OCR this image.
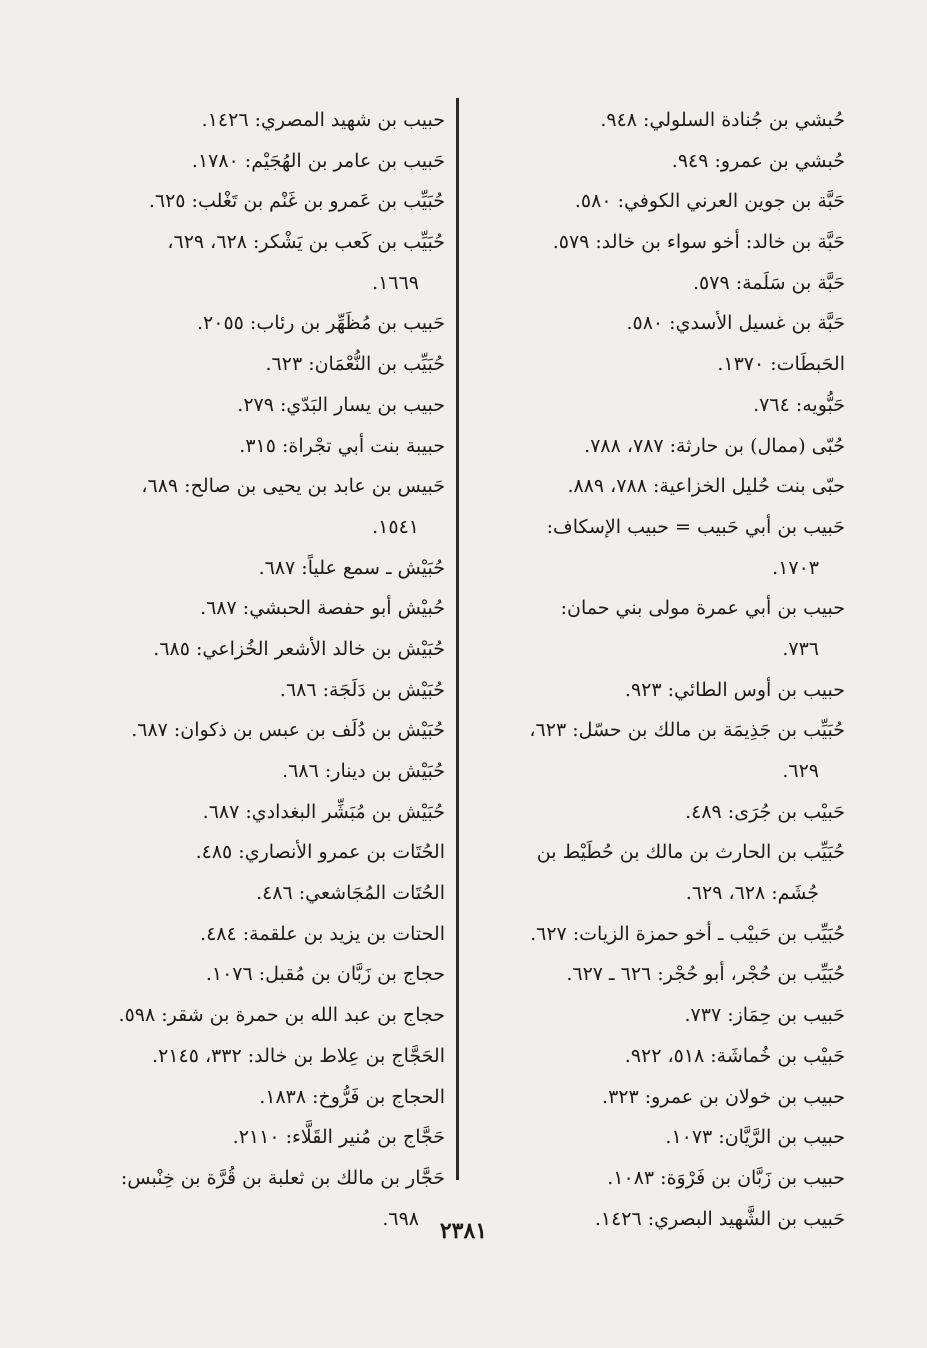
حُبشي بن جُنادة السلولي: ٩٤٨.
حُبشي بن عمرو: ٩٤٩.
حَبَّة بن جوين العرني الكوفي: ٥٨٠.
حَبَّة بن خالد: أخو سواء بن خالد: ٥٧٩.
حَبَّة بن سَلَمة: ٥٧٩.
حَبَّة بن غسيل الأسدي: ٥٨٠.
الحَبطَات: ١٣٧٠.
حَبُّويه: ٧٦٤.
حُبّى (ممال) بن حارثة: ٧٨٧، ٧٨٨.
حبّى بنت حُليل الخزاعية: ٧٨٨، ٨٨٩.
حَبيب بن أبي حَبيب = حبيب الإسكاف:
١٧٠٣.
حبيب بن أبي عمرة مولى بني حمان:
٧٣٦.
حبيب بن أوس الطائي: ٩٢٣.
حُبَيِّب بن جَذِيمَة بن مالك بن حسّل: ٦٢٣،
٦٢٩.
حَبيْب بن جُرَى: ٤٨٩.
حُبَيِّب بن الحارث بن مالك بن حُطَيْط بن
جُشَم: ٦٢٨، ٦٢٩.
حُبَيِّب بن حَبيْب ـ أخو حمزة الزيات: ٦٢٧.
حُبَيِّب بن حُجْر، أبو حُجْر: ٦٢٦ ـ ٦٢٧.
حَبيب بن حِمَاز: ٧٣٧.
حَبيْب بن خُماشَة: ٥١٨، ٩٢٢.
حبيب بن خولان بن عمرو: ٣٢٣.
حبيب بن الرَّيَّان: ١٠٧٣.
حبيب بن زَبَّان بن فَرْوَة: ١٠٨٣.
حَبيب بن الشَّهيد البصري: ١٤٢٦.
حبيب بن شهيد المصري: ١٤٢٦.
حَبيب بن عامر بن الهُجَيْم: ١٧٨٠.
حُبَيِّب بن عَمرو بن غَنْم بن تَغْلب: ٦٢٥.
حُبَيِّب بن كَعب بن يَشْكر: ٦٢٨، ٦٢٩،
١٦٦٩.
حَبيب بن مُظَهِّر بن رئاب: ٢٠٥٥.
حُبَيِّب بن النُّعْمَان: ٦٢٣.
حبيب بن يسار البَدّي: ٢٧٩.
حبيبة بنت أبي تجْراة: ٣١٥.
حَبيس بن عابد بن يحيى بن صالح: ٦٨٩،
١٥٤١.
حُبَيْش ـ سمع علياً: ٦٨٧.
حُبيْش أبو حفصة الحبشي: ٦٨٧.
حُبَيْش بن خالد الأشعر الخُزاعي: ٦٨٥.
حُبَيْش بن دَلَجَة: ٦٨٦.
حُبَيْش بن دُلَف بن عبس بن ذكوان: ٦٨٧.
حُبَيْش بن دينار: ٦٨٦.
حُبَيْش بن مُبَشِّر البغدادي: ٦٨٧.
الحُتَات بن عمرو الأنصاري: ٤٨٥.
الحُتَات المُجَاشعي: ٤٨٦.
الحتات بن يزيد بن علقمة: ٤٨٤.
حجاج بن زَبَّان بن مُقبل: ١٠٧٦.
حجاج بن عبد الله بن حمرة بن شقر: ٥٩٨.
الحَجَّاج بن عِلاط بن خالد: ٣٣٢، ٢١٤٥.
الحجاج بن فَرُّوخ: ١٨٣٨.
حَجَّاج بن مُنير القَلَّاء: ٢١١٠.
حَجَّار بن مالك بن ثعلبة بن قُرَّة بن خِنْبس:
٦٩٨. ٢٣٨١
